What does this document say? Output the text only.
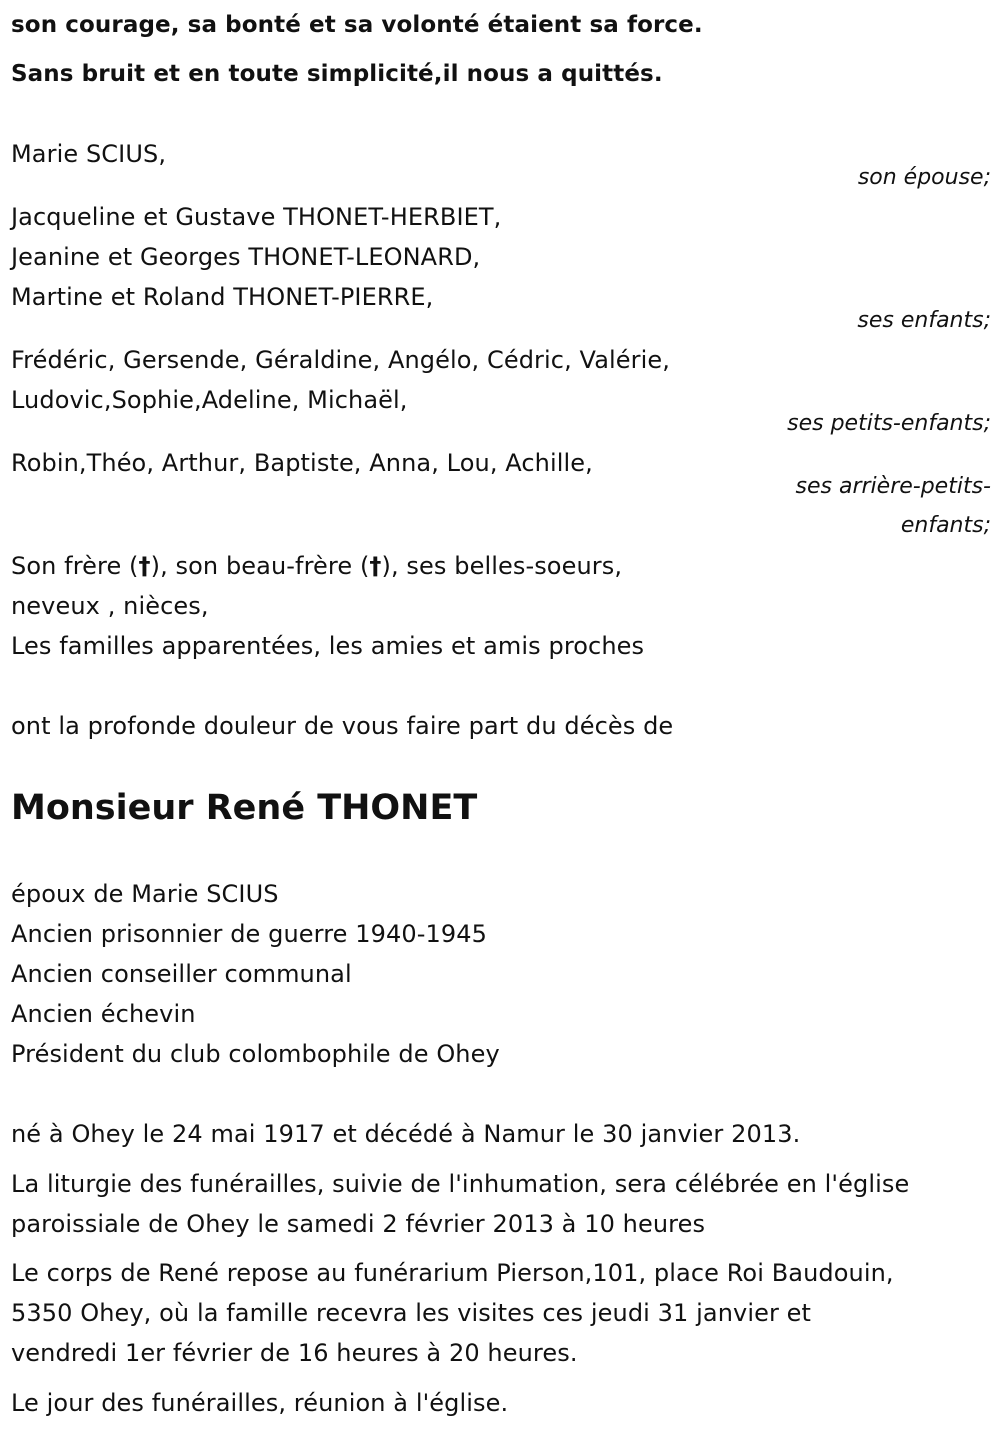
son courage, sa bonté et sa volonté étaient sa force.
Sans bruit et en toute simplicité,il nous a quittés.
Marie SCIUS,
son épouse;
Jacqueline et Gustave THONET-HERBIET,
Jeanine et Georges THONET-LEONARD,
Martine et Roland THONET-PIERRE,
ses enfants;
Frédéric, Gersende, Géraldine, Angélo, Cédric, Valérie,
Ludovic,Sophie,Adeline, Michaël,
ses petits-enfants;
Robin,Théo, Arthur, Baptiste, Anna, Lou, Achille,
ses arrière-petits-
enfants;
Son frère (†), son beau-frère (†), ses belles-soeurs,
neveux , nièces,
Les familles apparentées, les amies et amis proches
ont la profonde douleur de vous faire part du décès de
Monsieur René THONET
époux de Marie SCIUS
Ancien prisonnier de guerre 1940-1945
Ancien conseiller communal
Ancien échevin
Président du club colombophile de Ohey
né à Ohey le 24 mai 1917 et décédé à Namur le 30 janvier 2013.
La liturgie des funérailles, suivie de l'inhumation, sera célébrée en l'église
paroissiale de Ohey le samedi 2 février 2013 à 10 heures
Le corps de René repose au funérarium Pierson,101, place Roi Baudouin,
5350 Ohey, où la famille recevra les visites ces jeudi 31 janvier et
vendredi 1er février de 16 heures à 20 heures.
Le jour des funérailles, réunion à l'église.
